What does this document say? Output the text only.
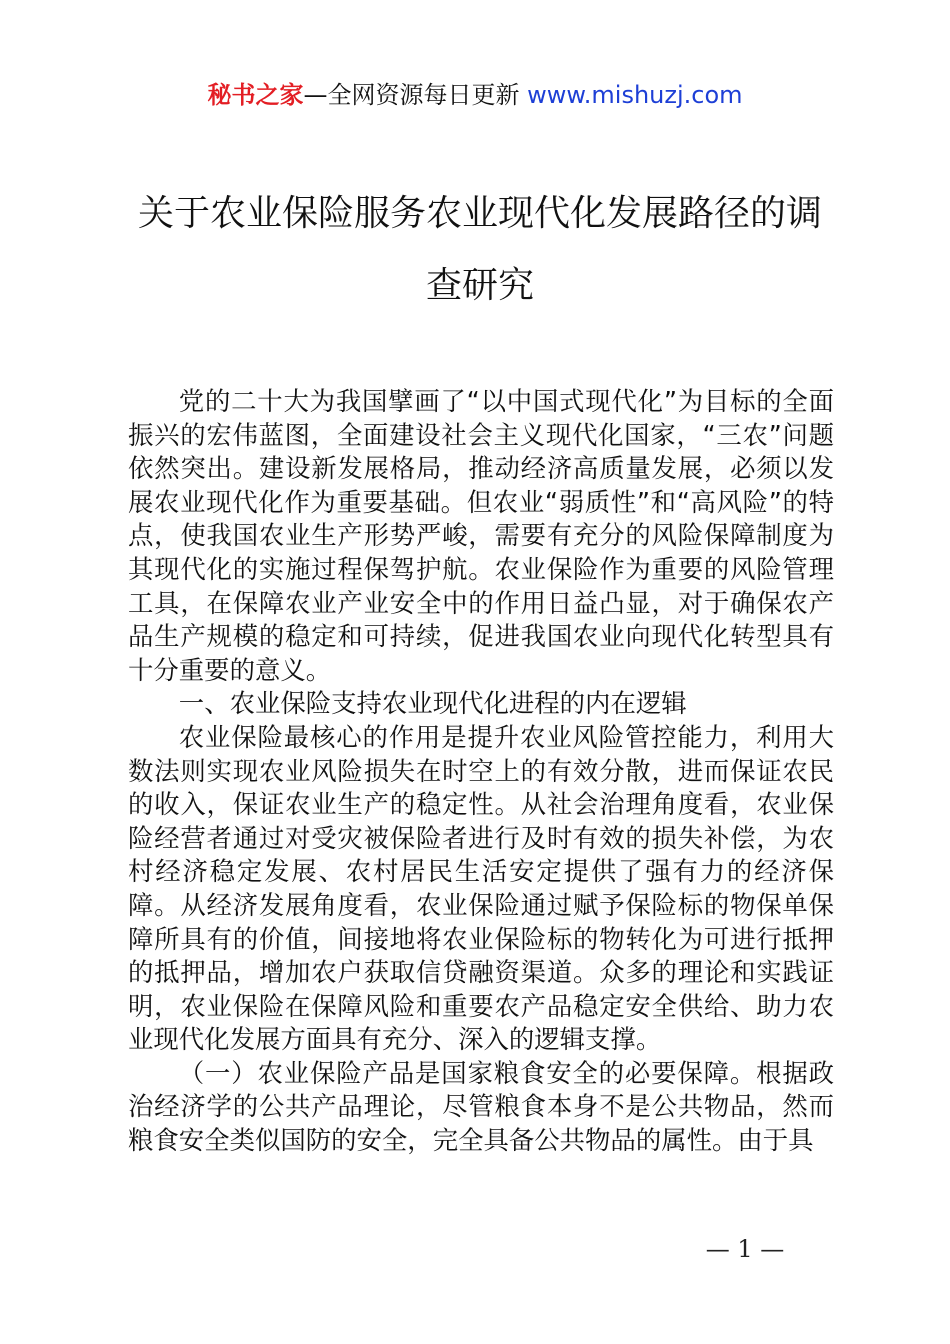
秘书之家—全网资源每日更新 www.mishuzj.com
关于农业保险服务农业现代化发展路径的调查研究

党的二十大为我国擘画了“以中国式现代化”为目标的全面振兴的宏伟蓝图，全面建设社会主义现代化国家，“三农”问题依然突出。建设新发展格局，推动经济高质量发展，必须以发展农业现代化作为重要基础。但农业“弱质性”和“高风险”的特点，使我国农业生产形势严峻，需要有充分的风险保障制度为其现代化的实施过程保驾护航。农业保险作为重要的风险管理工具，在保障农业产业安全中的作用日益凸显，对于确保农产品生产规模的稳定和可持续，促进我国农业向现代化转型具有十分重要的意义。

一、农业保险支持农业现代化进程的内在逻辑

农业保险最核心的作用是提升农业风险管控能力，利用大数法则实现农业风险损失在时空上的有效分散，进而保证农民的收入，保证农业生产的稳定性。从社会治理角度看，农业保险经营者通过对受灾被保险者进行及时有效的损失补偿，为农村经济稳定发展、农村居民生活安定提供了强有力的经济保障。从经济发展角度看，农业保险通过赋予保险标的物保单保障所具有的价值，间接地将农业保险标的物转化为可进行抵押的抵押品，增加农户获取信贷融资渠道。众多的理论和实践证明，农业保险在保障风险和重要农产品稳定安全供给、助力农业现代化发展方面具有充分、深入的逻辑支撑。

（一）农业保险产品是国家粮食安全的必要保障。根据政治经济学的公共产品理论，尽管粮食本身不是公共物品，然而粮食安全类似国防的安全，完全具备公共物品的属性。由于具

— 1 —
